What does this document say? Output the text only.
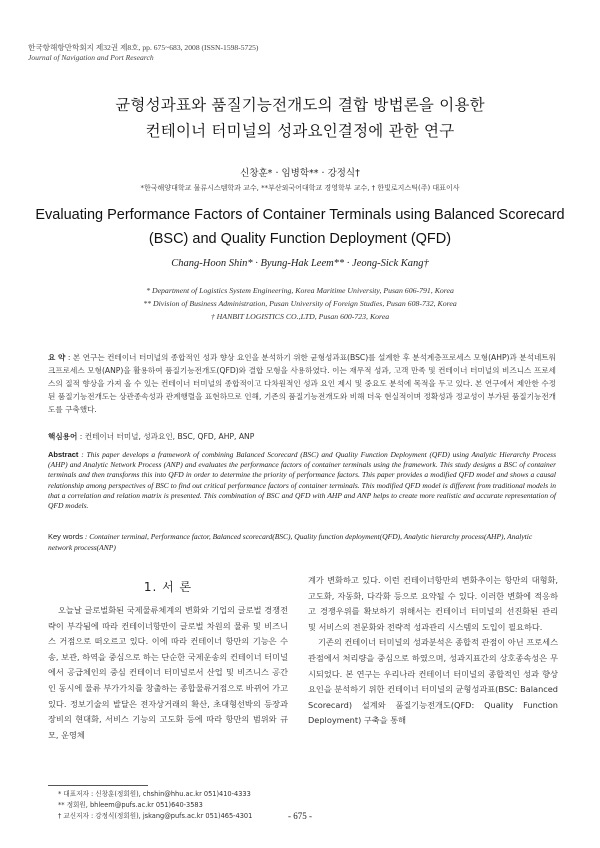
한국항해항만학회지 제32권 제8호, pp. 675~683, 2008 (ISSN-1598-5725)
Journal of Navigation and Port Research
균형성과표와 품질기능전개도의 결합 방법론을 이용한
컨테이너 터미널의 성과요인결정에 관한 연구
신창훈* · 임병학** · 강정식†
*한국해양대학교 물류시스템학과 교수, **부산외국어대학교 경영학부 교수, † 한빛로지스틱(주) 대표이사
Evaluating Performance Factors of Container Terminals using Balanced Scorecard
(BSC) and Quality Function Deployment (QFD)
Chang-Hoon Shin* · Byung-Hak Leem** · Jeong-Sick Kang†
* Department of Logistics System Engineering, Korea Maritime University, Pusan 606-791, Korea
** Division of Business Administration, Pusan University of Foreign Studies, Pusan 608-732, Korea
† HANBIT LOGISTICS CO.,LTD, Pusan 600-723, Korea
요 약 : 본 연구는 컨테이너 터미널의 종합적인 성과 향상 요인을 분석하기 위한 균형성과표(BSC)를 설계한 후 분석계층프로세스 모형(AHP)과 분석네트워크프로세스 모형(ANP)을 활용하여 품질기능전개도(QFD)와 결합 모형을 사용하였다. 이는 재무적 성과, 고객 만족 및 컨테이너 터미널의 비즈니스 프로세스의 질적 향상을 가져 올 수 있는 컨테이너 터미널의 종합적이고 다차원적인 성과 요인 제시 및 중요도 분석에 목적을 두고 있다. 본 연구에서 제안한 수정된 품질기능전개도는 상관종속성과 관계행렬을 표현하므로 인해, 기존의 품질기능전개도와 비해 더욱 현실적이며 정확성과 정교성이 부가된 품질기능전개도를 구축했다.
핵심용어 : 컨테이너 터미널, 성과요인, BSC, QFD, AHP, ANP
Abstract : This paper develops a framework of combining Balanced Scorecard (BSC) and Quality Function Deployment (QFD) using Analytic Hierarchy Process (AHP) and Analytic Network Process (ANP) and evaluates the performance factors of container terminals using the framework. This study designs a BSC of container terminals and then transforms this into QFD in order to determine the priority of performance factors. This paper provides a modified QFD model and shows a causal relationship among perspectives of BSC to find out critical performance factors of container terminals. This modified QFD model is different from traditional models in that a correlation and relation matrix is presented. This combination of BSC and QFD with AHP and ANP helps to create more realistic and accurate representation of QFD models.
Key words : Container terminal, Performance factor, Balanced scorecard(BSC), Quality function deployment(QFD), Analytic hierarchy process(AHP), Analytic network process(ANP)
1. 서 론

오늘날 글로벌화된 국제물류체계의 변화와 기업의 글로벌 경쟁전략이 부각됨에 따라 컨테이너항만이 글로벌 차원의 물류 및 비즈니스 거점으로 떠오르고 있다. 이에 따라 컨테이너 항만의 기능은 수송, 보관, 하역을 중심으로 하는 단순한 국제운송의 컨테이너 터미널에서 공급체인의 중심 컨테이너 터미널로서 산업 및 비즈니스 공간인 동시에 물류 부가가치를 창출하는 종합물류거점으로 바뀌어 가고 있다. 정보기술의 발달은 전자상거래의 확산, 초대형선박의 등장과 장비의 현대화, 서비스 기능의 고도화 등에 따라 항만의 범위와 규모, 운영체

계가 변화하고 있다. 이런 컨테이너항만의 변화추이는 항만의 대형화, 고도화, 자동화, 다각화 등으로 요약될 수 있다. 이러한 변화에 적응하고 경쟁우위를 확보하기 위해서는 컨테이너 터미널의 선진화된 관리 및 서비스의 전문화와 전략적 성과관리 시스템의 도입이 필요하다.

기존의 컨테이너 터미널의 성과분석은 종합적 관점이 아닌 프로세스 관점에서 처리량을 중심으로 하였으며, 성과지표간의 상호종속성은 무시되었다. 본 연구는 우리나라 컨테이너 터미널의 종합적인 성과 향상 요인을 분석하기 위한 컨테이너 터미널의 균형성과표(BSC: Balanced Scorecard) 설계와 품질기능전개도(QFD: Quality Function Deployment) 구축을 통해

* 대표저자 : 신창훈(정회원), chshin@hhu.ac.kr 051)410-4333
** 정회원, bhleem@pufs.ac.kr 051)640-3583
† 교신저자 : 강정식(정회원), jskang@pufs.ac.kr 051)465-4301	- 675 -
